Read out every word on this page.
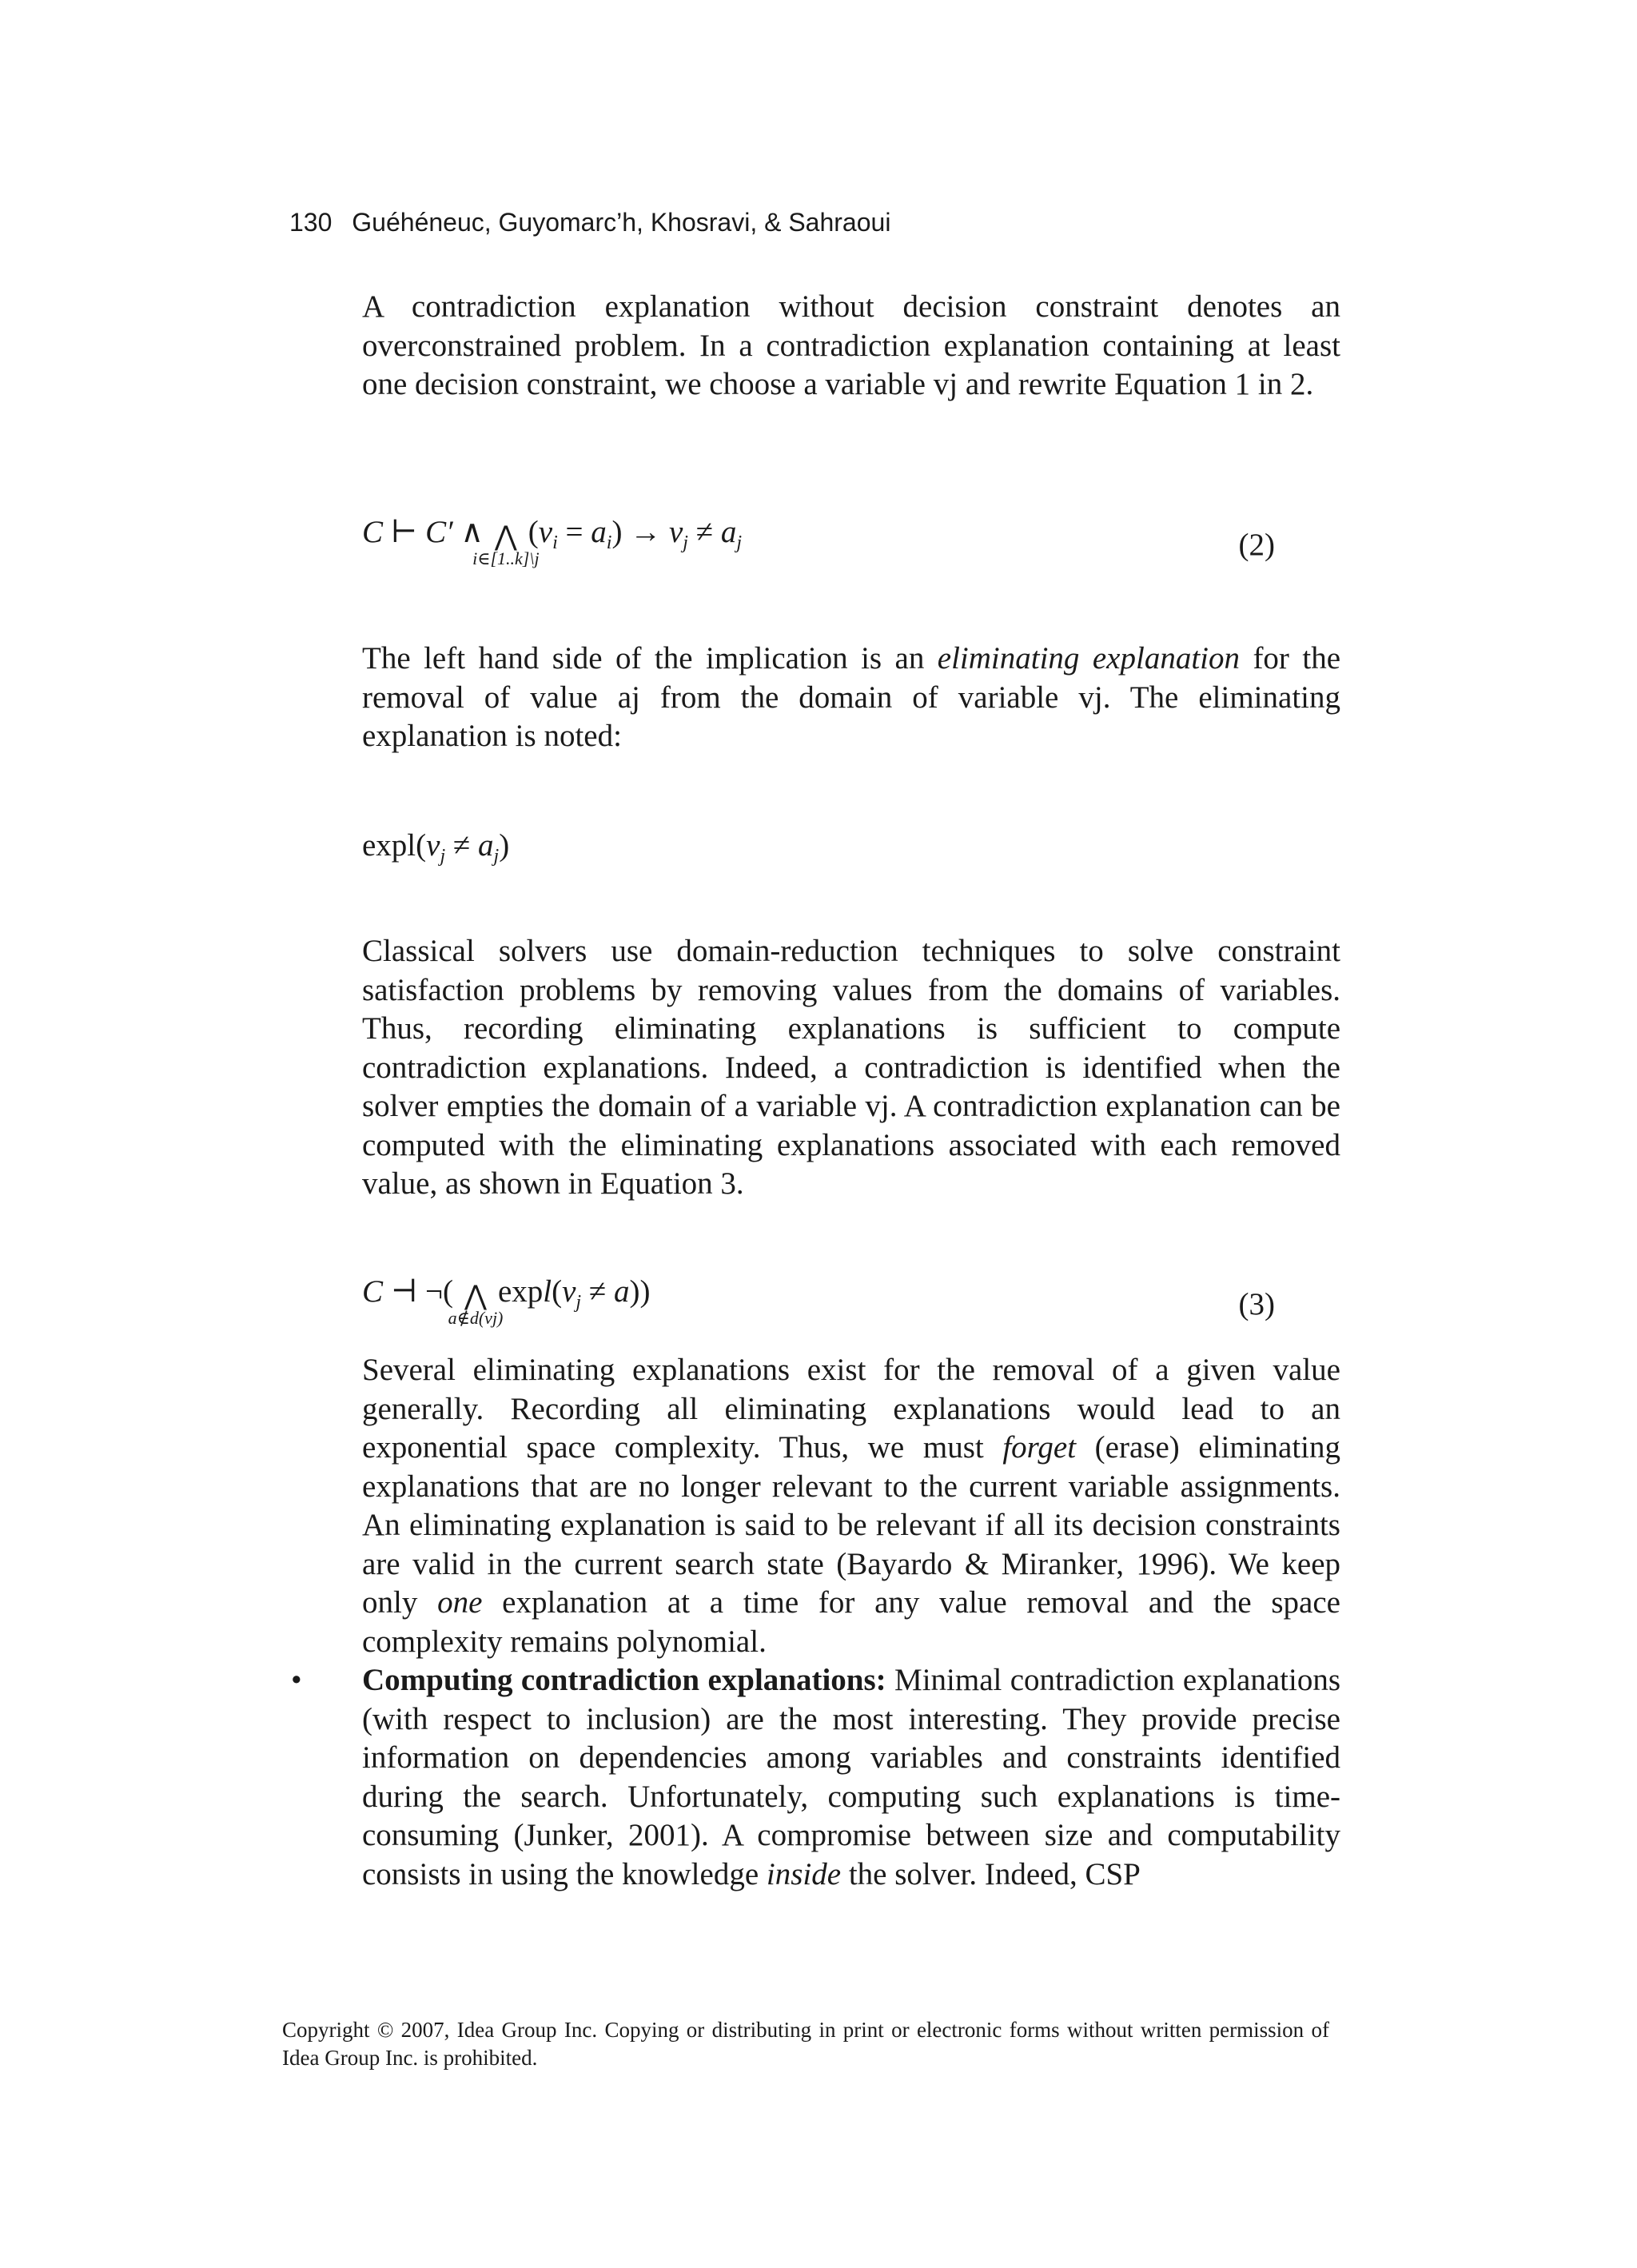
130 Guéhéneuc, Guyomarc’h, Khosravi, & Sahraoui
A contradiction explanation without decision constraint denotes an overconstrained problem. In a contradiction explanation containing at least one decision constraint, we choose a variable vj and rewrite Equation 1 in 2.
C ⊢ C′ ∧ ⋀
i∈[1..k]\j
$(v_i = a_i) \to v_j \ne a_j$	(2)
The left hand side of the implication is an eliminating explanation for the removal of value aj from the domain of variable vj. The eliminating explanation is noted:
$\exp l(v_j \ne a_j)$
Classical solvers use domain-reduction techniques to solve constraint satisfaction problems by removing values from the domains of variables. Thus, recording eliminating explanations is sufficient to compute contradiction explanations. Indeed, a contradiction is identified when the solver empties the domain of a variable vj. A contradiction explanation can be computed with the eliminating explanations associated with each removed value, as shown in Equation 3.
C ⊣ ¬( ⋀
a∉d(vj)
$\exp l(v_j \ne a)$)	(3)
Several eliminating explanations exist for the removal of a given value generally. Recording all eliminating explanations would lead to an exponential space complexity. Thus, we must forget (erase) eliminating explanations that are no longer relevant to the current variable assignments. An eliminating explanation is said to be relevant if all its decision constraints are valid in the current search state (Bayardo & Miranker, 1996). We keep only one explanation at a time for any value removal and the space complexity remains polynomial.
• Computing contradiction explanations: Minimal contradiction explanations (with respect to inclusion) are the most interesting. They provide precise information on dependencies among variables and constraints identified during the search. Unfortunately, computing such explanations is time-consuming (Junker, 2001). A compromise between size and computability consists in using the knowledge inside the solver. Indeed, CSP
Copyright © 2007, Idea Group Inc. Copying or distributing in print or electronic forms without written permission of Idea Group Inc. is prohibited.
